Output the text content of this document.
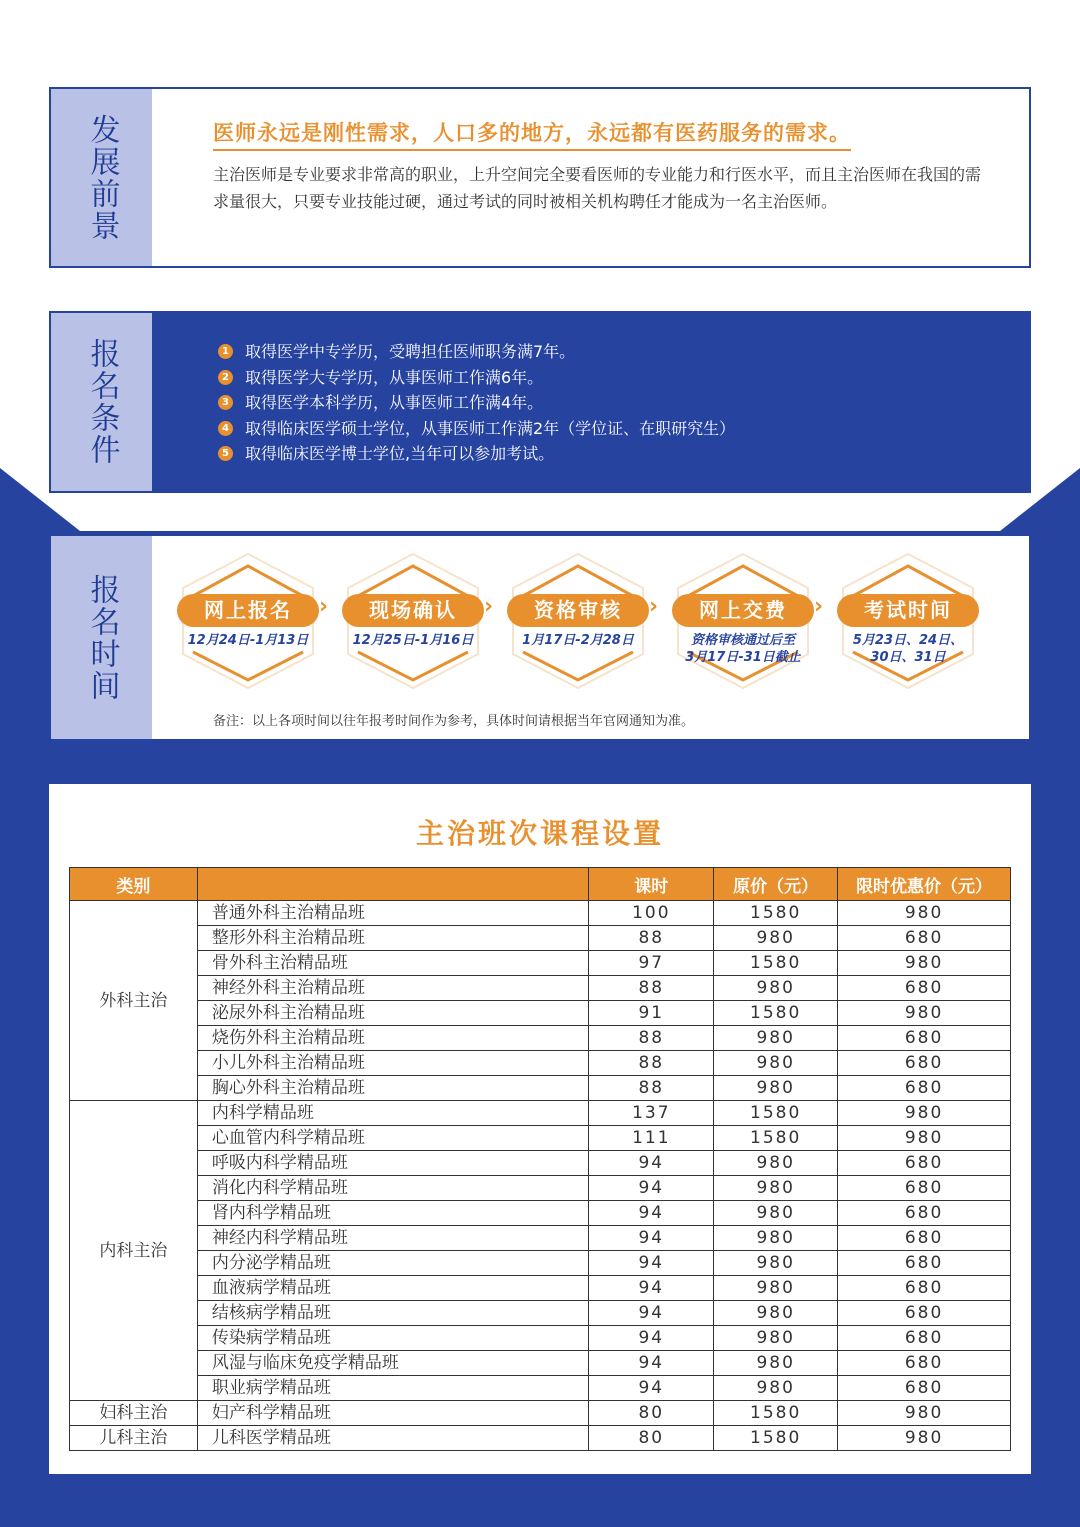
发展前景	医师永远是刚性需求，人口多的地方，永远都有医药服务的需求。
主治医师是专业要求非常高的职业，上升空间完全要看医师的专业能力和行医水平，而且主治医师在我国的需求量很大，只要专业技能过硬，通过考试的同时被相关机构聘任才能成为一名主治医师。
报名条件	1 取得医学中专学历，受聘担任医师职务满7年。
2 取得医学大专学历，从事医师工作满6年。
3 取得医学本科学历，从事医师工作满4年。
4 取得临床医学硕士学位，从事医师工作满2年（学位证、在职研究生）
5 取得临床医学博士学位,当年可以参加考试。
报名时间	网上报名
12月24日-1月13日
现场确认
12月25日-1月16日
资格审核
1月17日-2月28日
网上交费
资格审核通过后至
3月17日-31日截止
考试时间
5月23日、24日、
30日、31日
›	›	›	›
备注：以上各项时间以往年报考时间作为参考，具体时间请根据当年官网通知为准。
主治班次课程设置
类别		课时	原价（元）	限时优惠价（元）
外科主治	普通外科主治精品班	100	1580	980
	整形外科主治精品班	88	980	680
	骨外科主治精品班	97	1580	980
	神经外科主治精品班	88	980	680
	泌尿外科主治精品班	91	1580	980
	烧伤外科主治精品班	88	980	680
	小儿外科主治精品班	88	980	680
	胸心外科主治精品班	88	980	680
内科主治	内科学精品班	137	1580	980
	心血管内科学精品班	111	1580	980
	呼吸内科学精品班	94	980	680
	消化内科学精品班	94	980	680
	肾内科学精品班	94	980	680
	神经内科学精品班	94	980	680
	内分泌学精品班	94	980	680
	血液病学精品班	94	980	680
	结核病学精品班	94	980	680
	传染病学精品班	94	980	680
	风湿与临床免疫学精品班	94	980	680
	职业病学精品班	94	980	680
妇科主治	妇产科学精品班	80	1580	980
儿科主治	儿科医学精品班	80	1580	980
